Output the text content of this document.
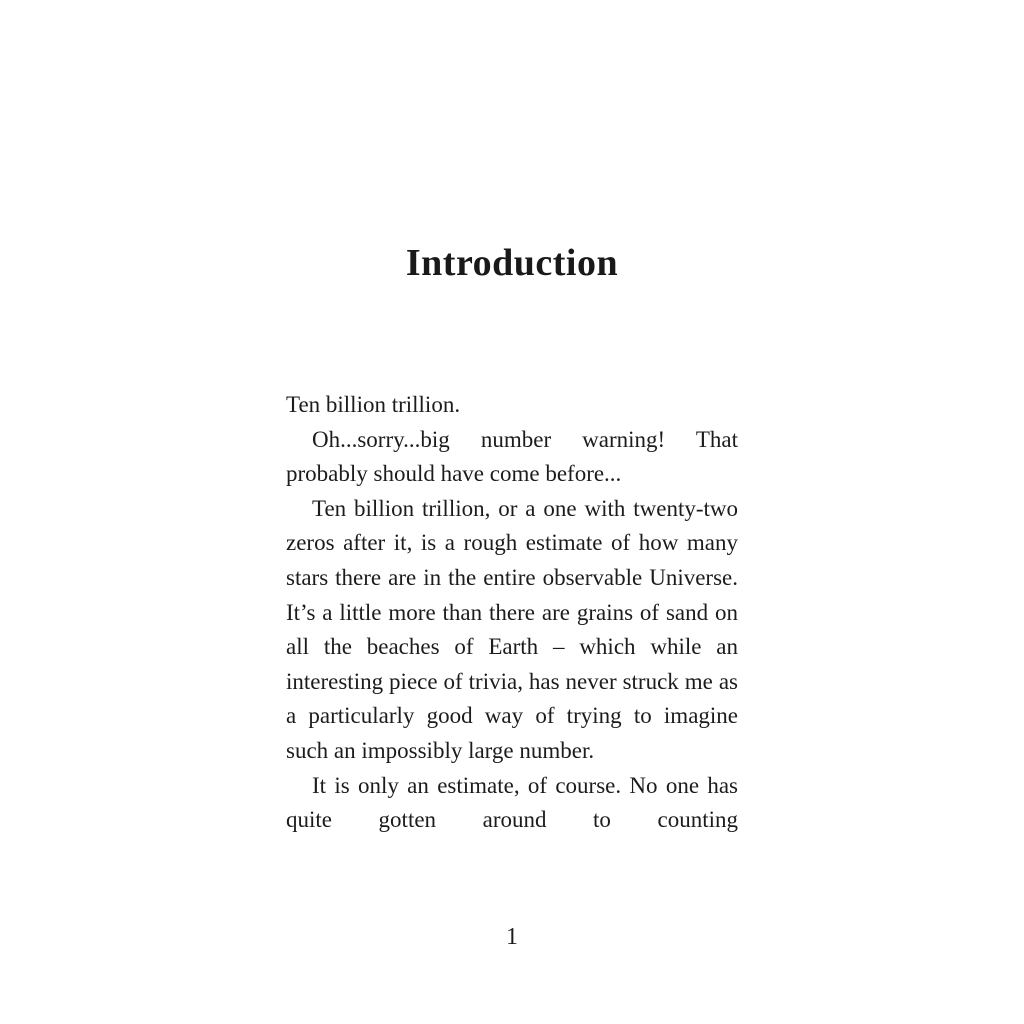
Introduction

Ten billion trillion.

Oh...sorry...big number warning! That probably should have come before...

Ten billion trillion, or a one with twenty-two zeros after it, is a rough estimate of how many stars there are in the entire observable Universe. It’s a little more than there are grains of sand on all the beaches of Earth – which while an interesting piece of trivia, has never struck me as a particularly good way of trying to imagine such an impossibly large number.

It is only an estimate, of course. No one has quite gotten around to counting

1
